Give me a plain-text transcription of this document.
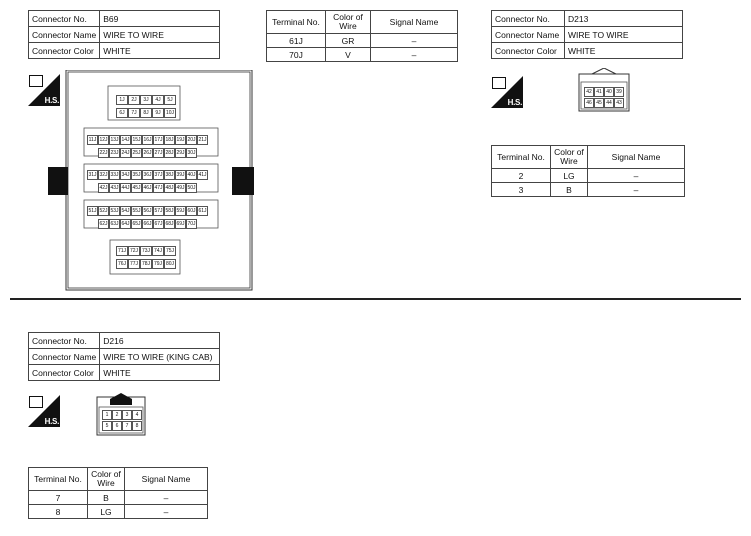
Connector No.	B69
Connector Name	WIRE TO WIRE
Connector Color	WHITE
H.S.	1J	2J	3J	4J	5J
6J	7J	8J	9J	10J
11J 12J 13J 14J 15J 16J 17J 18J 19J 20J 21J
22J 23J 24J 25J 26J 27J 28J 29J 30J
31J 32J 33J 34J 35J 36J 37J 38J 39J 40J 41J
42J 43J 44J 45J 46J 47J 48J 49J 50J
51J 52J 53J 54J 55J 56J 57J 58J 59J 60J 61J
62J 63J 64J 65J 66J 67J 68J 69J 70J
71J 72J 73J 74J 75J
76J 77J 78J 79J 80J
Terminal No.	Color of Wire	Signal Name
61J	GR	–
70J	V	–
Connector No.	D213
Connector Name	WIRE TO WIRE
Connector Color	WHITE
H.S.
42 41 40 39
46 45 44 43
Terminal No.	Color of Wire	Signal Name
2	LG	–
3	B	–
Connector No.	D216
Connector Name	WIRE TO WIRE (KING CAB)
Connector Color	WHITE
H.S.
1	2	3	4
5	6	7	8
Terminal No.	Color of Wire	Signal Name
7	B	–
8	LG	–
